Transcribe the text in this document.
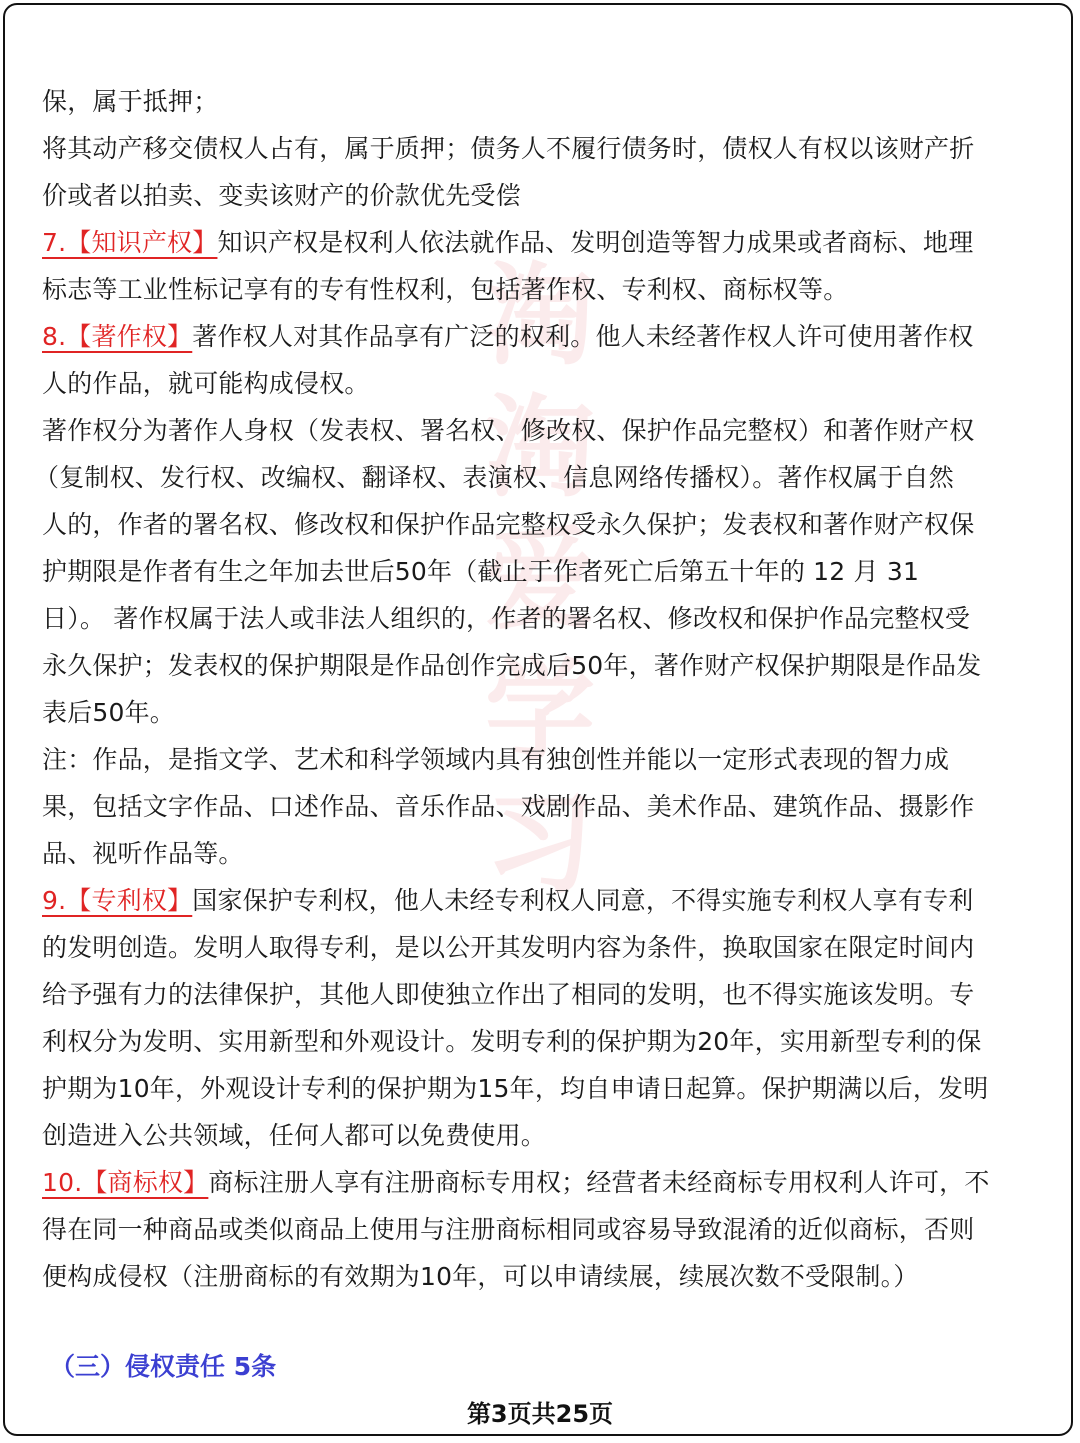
淘
淘
爱
学
习

保，属于抵押；

将其动产移交债权人占有，属于质押；债务人不履行债务时，债权人有权以该财产折

价或者以拍卖、变卖该财产的价款优先受偿

7.【知识产权】知识产权是权利人依法就作品、发明创造等智力成果或者商标、地理

标志等工业性标记享有的专有性权利，包括著作权、专利权、商标权等。

8.【著作权】著作权人对其作品享有广泛的权利。他人未经著作权人许可使用著作权

人的作品，就可能构成侵权。

著作权分为著作人身权（发表权、署名权、修改权、保护作品完整权）和著作财产权

（复制权、发行权、改编权、翻译权、表演权、信息网络传播权）。著作权属于自然

人的，作者的署名权、修改权和保护作品完整权受永久保护；发表权和著作财产权保

护期限是作者有生之年加去世后50年（截止于作者死亡后第五十年的 12 月 31

日）。 著作权属于法人或非法人组织的，作者的署名权、修改权和保护作品完整权受

永久保护；发表权的保护期限是作品创作完成后50年，著作财产权保护期限是作品发

表后50年。

注：作品，是指文学、艺术和科学领域内具有独创性并能以一定形式表现的智力成

果，包括文字作品、口述作品、音乐作品、戏剧作品、美术作品、建筑作品、摄影作

品、视听作品等。

9.【专利权】国家保护专利权，他人未经专利权人同意，不得实施专利权人享有专利

的发明创造。发明人取得专利，是以公开其发明内容为条件，换取国家在限定时间内

给予强有力的法律保护，其他人即使独立作出了相同的发明，也不得实施该发明。专

利权分为发明、实用新型和外观设计。发明专利的保护期为20年，实用新型专利的保

护期为10年，外观设计专利的保护期为15年，均自申请日起算。保护期满以后，发明

创造进入公共领域，任何人都可以免费使用。

10.【商标权】商标注册人享有注册商标专用权；经营者未经商标专用权利人许可，不

得在同一种商品或类似商品上使用与注册商标相同或容易导致混淆的近似商标，否则

便构成侵权（注册商标的有效期为10年，可以申请续展，续展次数不受限制。）

（三）侵权责任 5条

第3页共25页
